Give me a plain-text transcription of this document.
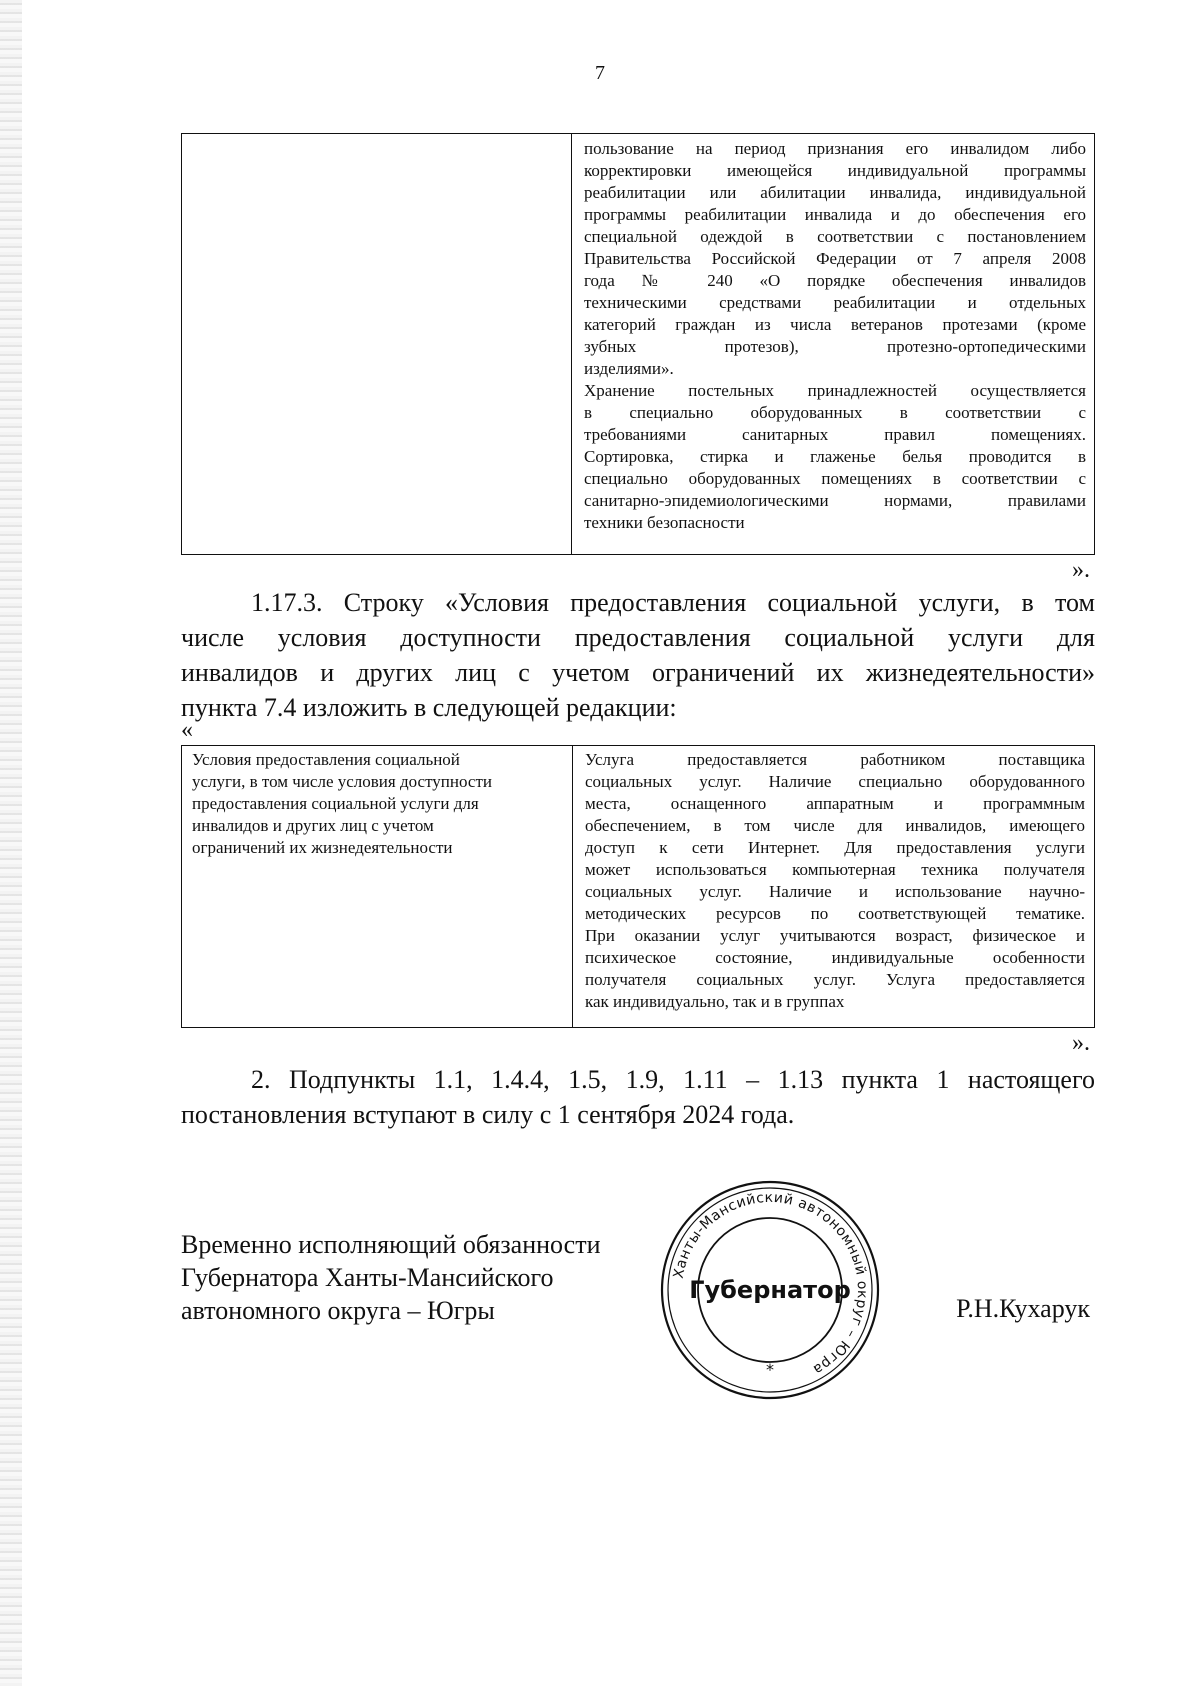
7
пользование на период признания его инвалидом либо
корректировки имеющейся индивидуальной программы
реабилитации или абилитации инвалида, индивидуальной
программы реабилитации инвалида и до обеспечения его
специальной одеждой в соответствии с постановлением
Правительства Российской Федерации от 7 апреля 2008
года № 240 «О порядке обеспечения инвалидов
техническими средствами реабилитации и отдельных
категорий граждан из числа ветеранов протезами (кроме
зубных протезов), протезно-ортопедическими
изделиями».
Хранение постельных принадлежностей осуществляется
в специально оборудованных в соответствии с
требованиями санитарных правил помещениях.
Сортировка, стирка и глаженье белья проводится в
специально оборудованных помещениях в соответствии с
санитарно-эпидемиологическими нормами, правилами
техники безопасности
».
1.17.3. Строку «Условия предоставления социальной услуги, в том
числе условия доступности предоставления социальной услуги для
инвалидов и других лиц с учетом ограничений их жизнедеятельности»
пункта 7.4 изложить в следующей редакции:
«
Условия предоставления социальной
услуги, в том числе условия доступности
предоставления социальной услуги для
инвалидов и других лиц с учетом
ограничений их жизнедеятельности
Услуга предоставляется работником поставщика
социальных услуг. Наличие специально оборудованного
места, оснащенного аппаратным и программным
обеспечением, в том числе для инвалидов, имеющего
доступ к сети Интернет. Для предоставления услуги
может использоваться компьютерная техника получателя
социальных услуг. Наличие и использование научно-
методических ресурсов по соответствующей тематике.
При оказании услуг учитываются возраст, физическое и
психическое состояние, индивидуальные особенности
получателя социальных услуг. Услуга предоставляется
как индивидуально, так и в группах
».
2. Подпункты 1.1, 1.4.4, 1.5, 1.9, 1.11 – 1.13 пункта 1 настоящего
постановления вступают в силу с 1 сентября 2024 года.
Временно исполняющий обязанности
Губернатора Ханты-Мансийского
автономного округа – Югры
Ханты-Мансийский автономный округ – Югра
Губернатор
*
Р.Н.Кухарук
